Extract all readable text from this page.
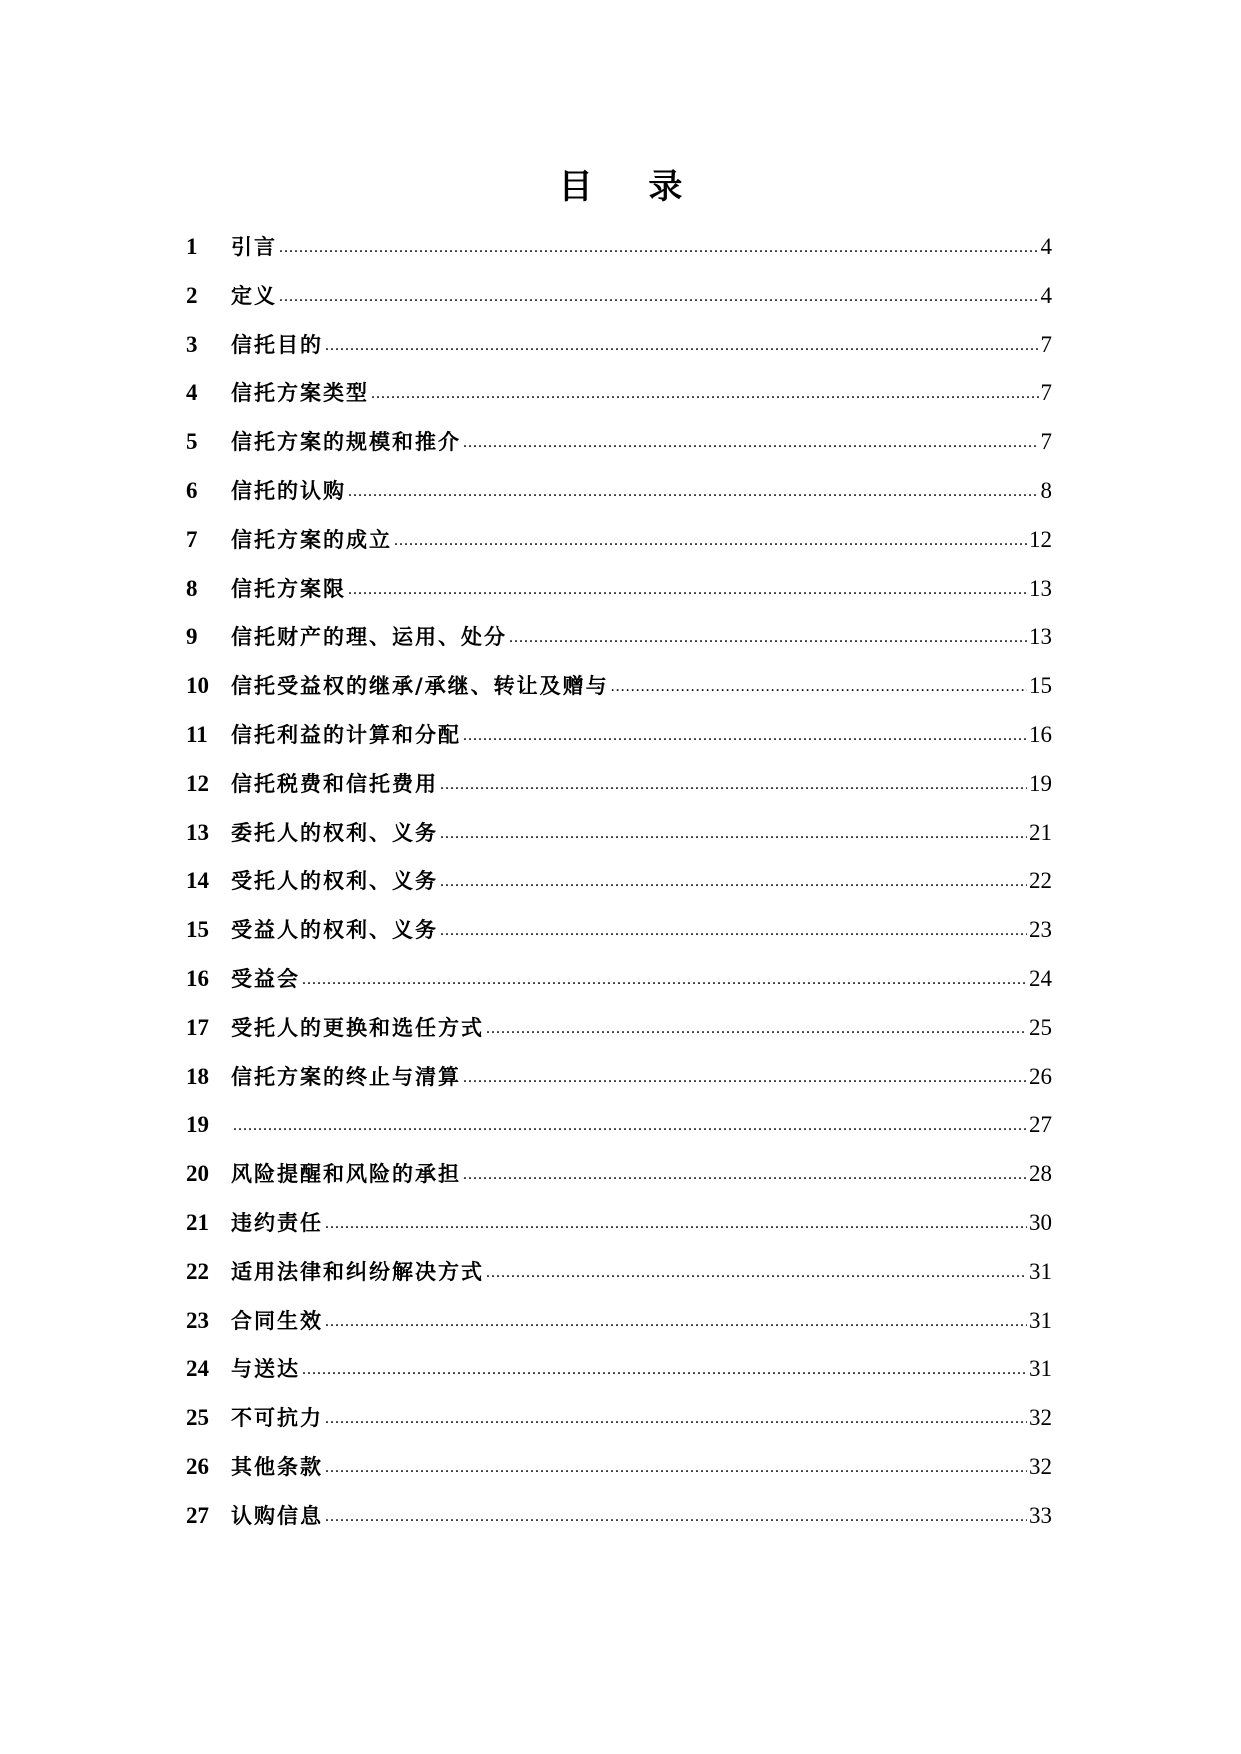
目 录
1	引言 .....	4
2	定义 .....	4
3	信托目的 .....	7
4	信托方案类型 .....	7
5	信托方案的规模和推介 .....	7
6	信托的认购 .....	8
7	信托方案的成立 .....	12
8	信托方案限 .....	13
9	信托财产的理、运用、处分 .....	13
10	信托受益权的继承/承继、转让及赠与 .....	15
11	信托利益的计算和分配 .....	16
12	信托税费和信托费用 .....	19
13	委托人的权利、义务 .....	21
14	受托人的权利、义务 .....	22
15	受益人的权利、义务 .....	23
16	受益会 .....	24
17	受托人的更换和选任方式 .....	25
18	信托方案的终止与清算 .....	26
19 .....	27
20	风险提醒和风险的承担 .....	28
21	违约责任 .....	30
22	适用法律和纠纷解决方式 .....	31
23	合同生效 .....	31
24	与送达 .....	31
25	不可抗力 .....	32
26	其他条款 .....	32
27	认购信息 .....	33
